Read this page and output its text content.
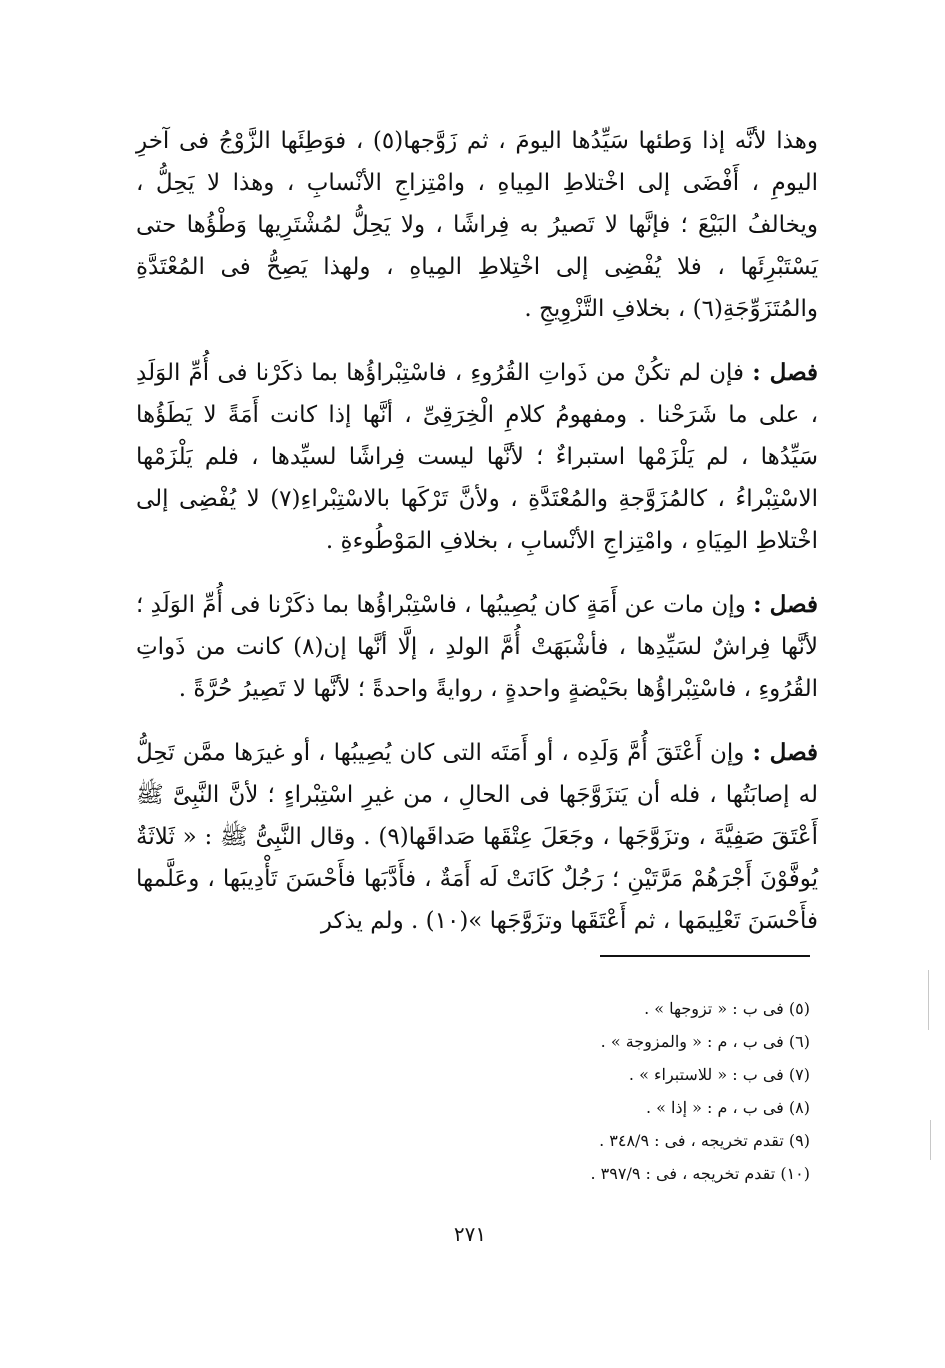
وهذا لأنَّه إذا وَطئها سَيِّدُها اليومَ ، ثم زَوَّجها(٥) ، فوَطِئَها الزَّوْجُ فى آخرِ اليومِ ، أَفْضَى إلى اخْتلاطِ المِياهِ ، وامْتِزاجِ الأنْسابِ ، وهذا لا يَحِلُّ ، ويخالفُ البَيْعَ ؛ فإنَّها لا تَصيرُ به فِراشًا ، ولا يَحِلُّ لمُشْتَرِيها وَطْؤُها حتى يَسْتَبْرِئَها ، فلا يُفْضِى إلى اخْتِلاطِ المِياهِ ، ولهذا يَصِحُّ فى المُعْتَدَّةِ والمُتَزَوِّجَةِ(٦) ، بخلافِ التَّزْوِيجِ .

فصل : فإن لم تكُنْ من ذَواتِ القُرُوءِ ، فاسْتِبْراؤُها بما ذكَرْنا فى أُمِّ الوَلَدِ ، على ما شَرَحْنا . ومفهومُ كلامِ الْخِرَقِىِّ ، أنَّها إذا كانت أَمَةً لا يَطَؤُها سَيِّدُها ، لم يَلْزَمْها استبراءٌ ؛ لأنَّها ليست فِراشًا لسيِّدها ، فلم يَلْزَمْها الاسْتِبْراءُ ، كالمُزَوَّجةِ والمُعْتَدَّةِ ، ولأنَّ تَرْكَها بالاسْتِبْراءِ(٧) لا يُفْضِى إلى اخْتلاطِ المِيَاهِ ، وامْتِزاجِ الأنْسابِ ، بخلافِ المَوْطُوءةِ .

فصل : وإن مات عن أَمَةٍ كان يُصِيبُها ، فاسْتِبْراؤُها بما ذكَرْنا فى أُمِّ الوَلَدِ ؛ لأنَّها فِراشٌ لسَيِّدِها ، فأشْبَهَتْ أُمَّ الولدِ ، إلَّا أنَّها إن(٨) كانت من ذَواتِ القُرُوءِ ، فاسْتِبْراؤُها بحَيْضةٍ واحدةٍ ، روايةً واحدةً ؛ لأنَّها لا تَصِيرُ حُرَّةً .

فصل : وإن أَعْتَقَ أُمَّ وَلَدِه ، أو أَمَتَه التى كان يُصِيبُها ، أو غيرَها ممَّن تَحِلُّ له إصابَتُها ، فله أن يَتزَوَّجَها فى الحالِ ، من غيرِ اسْتِبْراءٍ ؛ لأنَّ النَّبِىَّ ﷺ أَعْتَقَ صَفِيَّةَ ، وتزَوَّجَها ، وجَعَلَ عِتْقَها صَداقَها(٩) . وقال النَّبِىُّ ﷺ : « ثَلاثَةٌ يُوفَّوْنَ أَجْرَهُمْ مَرَّتَيْنِ ؛ رَجُلٌ كَانَتْ لَه أَمَةٌ ، فأَدَّبَها فأَحْسَنَ تَأْدِيبَها ، وعَلَّمها فأَحْسَنَ تَعْلِيمَها ، ثم أَعْتَقَها وتزَوَّجَها »(١٠) . ولم يذكر

(٥) فى ب : « تزوجها » .
(٦) فى ب ، م : « والمزوجة » .
(٧) فى ب : « للاستبراء » .
(٨) فى ب ، م : « إذا » .
(٩) تقدم تخريجه ، فى : ٣٤٨/٩ .
(١٠) تقدم تخريجه ، فى : ٣٩٧/٩ .
٢٧١
